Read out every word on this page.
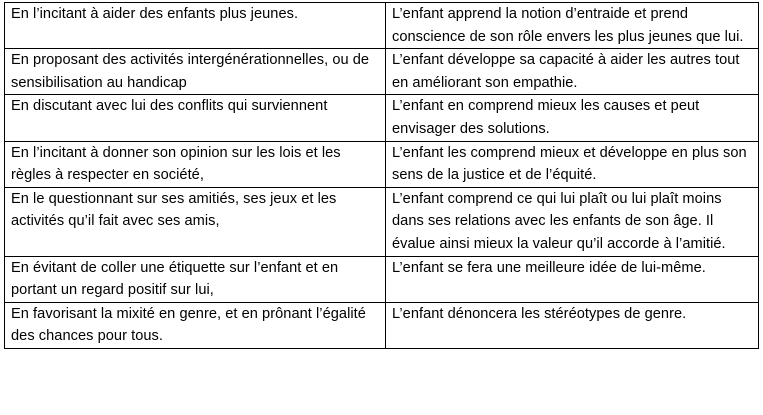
En l’incitant à aider des enfants plus jeunes.	L’enfant apprend la notion d’entraide et prend conscience de son rôle envers les plus jeunes que lui.
En proposant des activités intergénérationnelles, ou de sensibilisation au handicap	L’enfant développe sa capacité à aider les autres tout en améliorant son empathie.
En discutant avec lui des conflits qui surviennent	L’enfant en comprend mieux les causes et peut envisager des solutions.
En l’incitant à donner son opinion sur les lois et les règles à respecter en société,	L’enfant les comprend mieux et développe en plus son sens de la justice et de l’équité.
En le questionnant sur ses amitiés, ses jeux et les activités qu’il fait avec ses amis,	L’enfant comprend ce qui lui plaît ou lui plaît moins dans ses relations avec les enfants de son âge. Il évalue ainsi mieux la valeur qu’il accorde à l’amitié.
En évitant de coller une étiquette sur l’enfant et en portant un regard positif sur lui,	L’enfant se fera une meilleure idée de lui-même.
En favorisant la mixité en genre, et en prônant l’égalité des chances pour tous.	L’enfant dénoncera les stéréotypes de genre.
